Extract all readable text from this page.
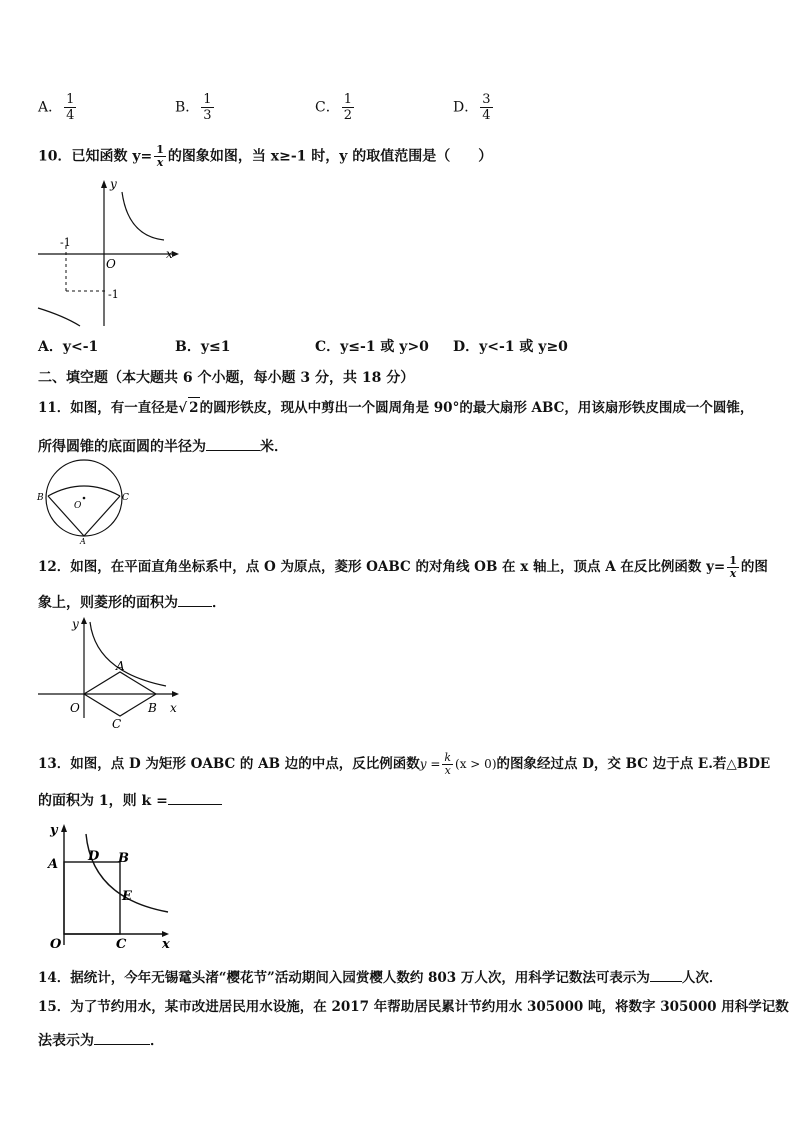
A． $\frac{1}{4}$	B． $\frac{1}{3}$	C． $\frac{1}{2}$	D． $\frac{3}{4}$
10．已知函数 $y= \frac{1}{x}$ 的图象如图，当 x≥-1 时，y 的取值范围是（　　）
y
x
O
-1
-1
A．y<-1	B．y≤1	C．y≤-1 或 y>0 D．y<-1 或 y≥0
二、填空题（本大题共 6 个小题，每小题 3 分，共 18 分）
11．如图，有一直径是√ 2的圆形铁皮，现从中剪出一个圆周角是 90°的最大扇形 ABC，用该扇形铁皮围成一个圆锥，
所得圆锥的底面圆的半径为	米．
B	C
A
O
12．如图，在平面直角坐标系中，点 O 为原点，菱形 OABC 的对角线 OB 在 x 轴上，顶点 A 在反比例函数 $y= \frac{1}{x}$ 的图
象上，则菱形的面积为 ．
y
x
O
A
B
C
13．如图，点 D 为矩形 OABC 的 AB 边的中点，反比例函数$y = \frac{k}{x} (x > 0)$的图象经过点 D，交 BC 边于点 E.若△BDE
的面积为 1，则 k =
y
x
O
A	B
C
D
E
14．据统计，今年无锡鼋头渚“樱花节”活动期间入园赏樱人数约 803 万人次，用科学记数法可表示为 人次．
15．为了节约用水，某市改进居民用水设施，在 2017 年帮助居民累计节约用水 305000 吨，将数字 305000 用科学记数
法表示为	．
